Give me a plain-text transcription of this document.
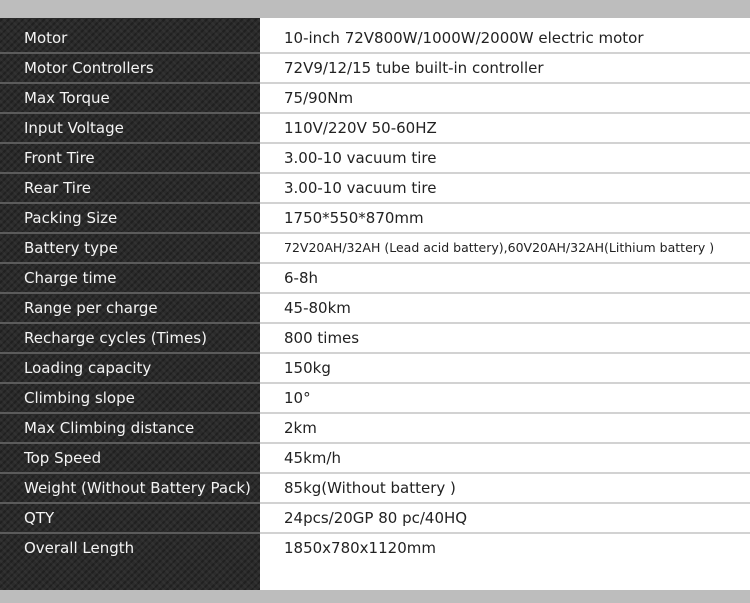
Motor	10-inch 72V800W/1000W/2000W electric motor
Motor Controllers	72V9/12/15 tube built-in controller
Max Torque	75/90Nm
Input Voltage	110V/220V 50-60HZ
Front Tire	3.00-10 vacuum tire
Rear Tire	3.00-10 vacuum tire
Packing Size	1750*550*870mm
Battery type	72V20AH/32AH (Lead acid battery),60V20AH/32AH(Lithium battery )
Charge time	6-8h
Range per charge	45-80km
Recharge cycles (Times)	800 times
Loading capacity	150kg
Climbing slope	10°
Max Climbing distance	2km
Top Speed	45km/h
Weight (Without Battery Pack) 85kg(Without battery )
QTY	24pcs/20GP 80 pc/40HQ
Overall Length	1850x780x1120mm
